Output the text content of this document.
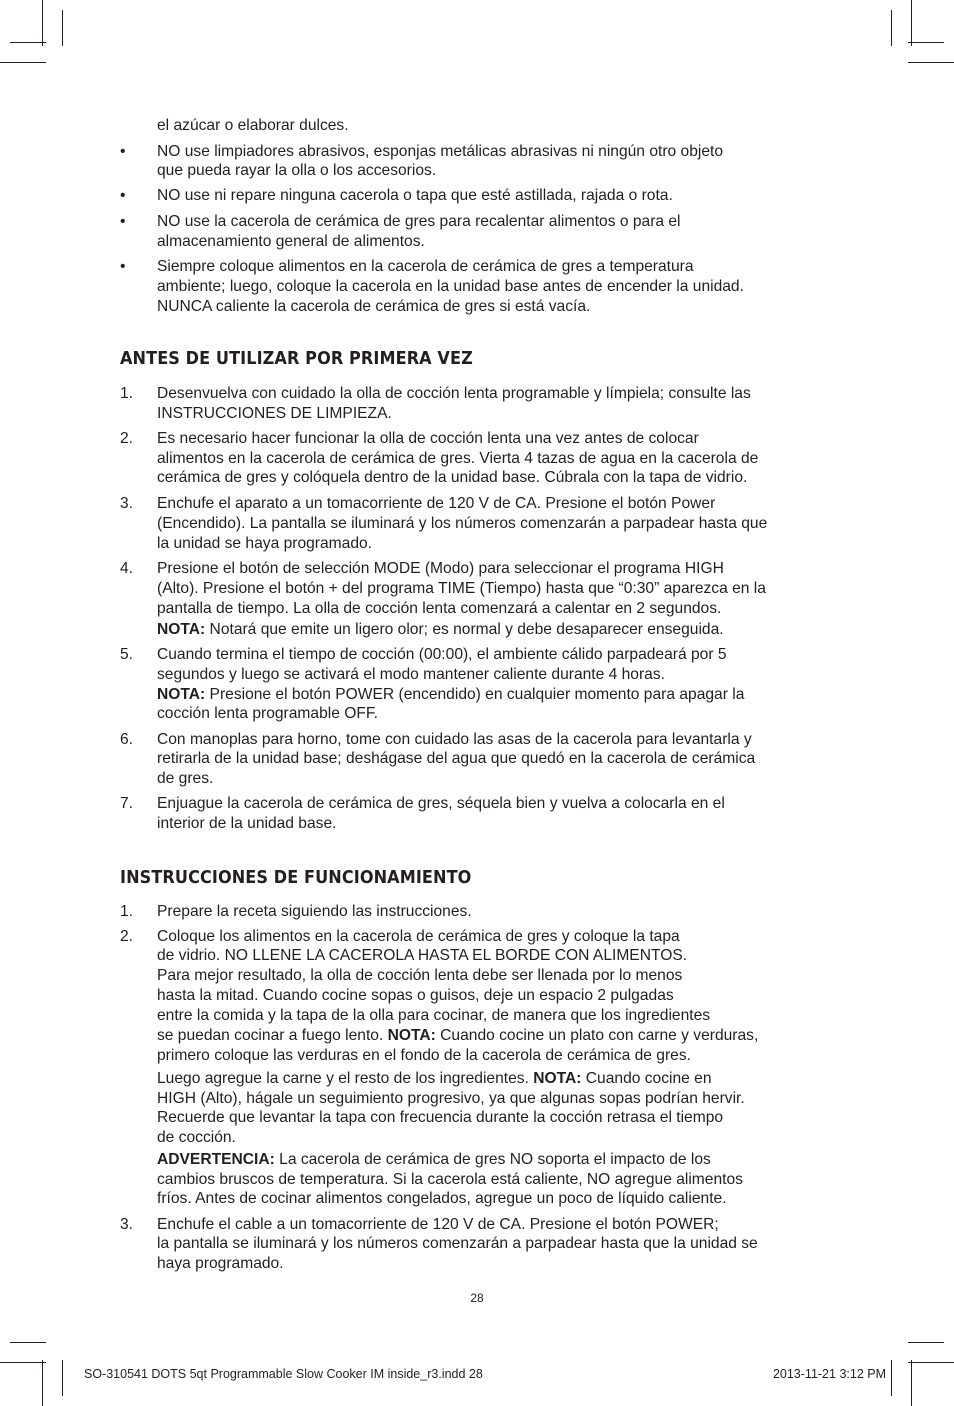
el azúcar o elaborar dulces.
• NO use limpiadores abrasivos, esponjas metálicas abrasivas ni ningún otro objeto
que pueda rayar la olla o los accesorios.
• NO use ni repare ninguna cacerola o tapa que esté astillada, rajada o rota.
• NO use la cacerola de cerámica de gres para recalentar alimentos o para el
almacenamiento general de alimentos.
• Siempre coloque alimentos en la cacerola de cerámica de gres a temperatura
ambiente; luego, coloque la cacerola en la unidad base antes de encender la unidad.
NUNCA caliente la cacerola de cerámica de gres si está vacía.
ANTES DE UTILIZAR POR PRIMERA VEZ
1. Desenvuelva con cuidado la olla de cocción lenta programable y límpiela; consulte las
INSTRUCCIONES DE LIMPIEZA.
2. Es necesario hacer funcionar la olla de cocción lenta una vez antes de colocar
alimentos en la cacerola de cerámica de gres. Vierta 4 tazas de agua en la cacerola de
cerámica de gres y colóquela dentro de la unidad base. Cúbrala con la tapa de vidrio.
3. Enchufe el aparato a un tomacorriente de 120 V de CA. Presione el botón Power
(Encendido). La pantalla se iluminará y los números comenzarán a parpadear hasta que
la unidad se haya programado.
4. Presione el botón de selección MODE (Modo) para seleccionar el programa HIGH
(Alto). Presione el botón + del programa TIME (Tiempo) hasta que “0:30” aparezca en la
pantalla de tiempo. La olla de cocción lenta comenzará a calentar en 2 segundos.
NOTA: Notará que emite un ligero olor; es normal y debe desaparecer enseguida.
5. Cuando termina el tiempo de cocción (00:00), el ambiente cálido parpadeará por 5
segundos y luego se activará el modo mantener caliente durante 4 horas.
NOTA: Presione el botón POWER (encendido) en cualquier momento para apagar la
cocción lenta programable OFF.
6. Con manoplas para horno, tome con cuidado las asas de la cacerola para levantarla y
retirarla de la unidad base; deshágase del agua que quedó en la cacerola de cerámica
de gres.
7. Enjuague la cacerola de cerámica de gres, séquela bien y vuelva a colocarla en el
interior de la unidad base.
INSTRUCCIONES DE FUNCIONAMIENTO
1. Prepare la receta siguiendo las instrucciones.
2. Coloque los alimentos en la cacerola de cerámica de gres y coloque la tapa
de vidrio. NO LLENE LA CACEROLA HASTA EL BORDE CON ALIMENTOS.
Para mejor resultado, la olla de cocción lenta debe ser llenada por lo menos
hasta la mitad. Cuando cocine sopas o guisos, deje un espacio 2 pulgadas
entre la comida y la tapa de la olla para cocinar, de manera que los ingredientes
se puedan cocinar a fuego lento. NOTA: Cuando cocine un plato con carne y verduras,
primero coloque las verduras en el fondo de la cacerola de cerámica de gres.
Luego agregue la carne y el resto de los ingredientes. NOTA: Cuando cocine en
HIGH (Alto), hágale un seguimiento progresivo, ya que algunas sopas podrían hervir.
Recuerde que levantar la tapa con frecuencia durante la cocción retrasa el tiempo
de cocción.
ADVERTENCIA: La cacerola de cerámica de gres NO soporta el impacto de los
cambios bruscos de temperatura. Si la cacerola está caliente, NO agregue alimentos
fríos. Antes de cocinar alimentos congelados, agregue un poco de líquido caliente.
3. Enchufe el cable a un tomacorriente de 120 V de CA. Presione el botón POWER;
la pantalla se iluminará y los números comenzarán a parpadear hasta que la unidad se
haya programado.
28
SO-310541 DOTS 5qt Programmable Slow Cooker IM inside_r3.indd 28	2013-11-21 3:12 PM
